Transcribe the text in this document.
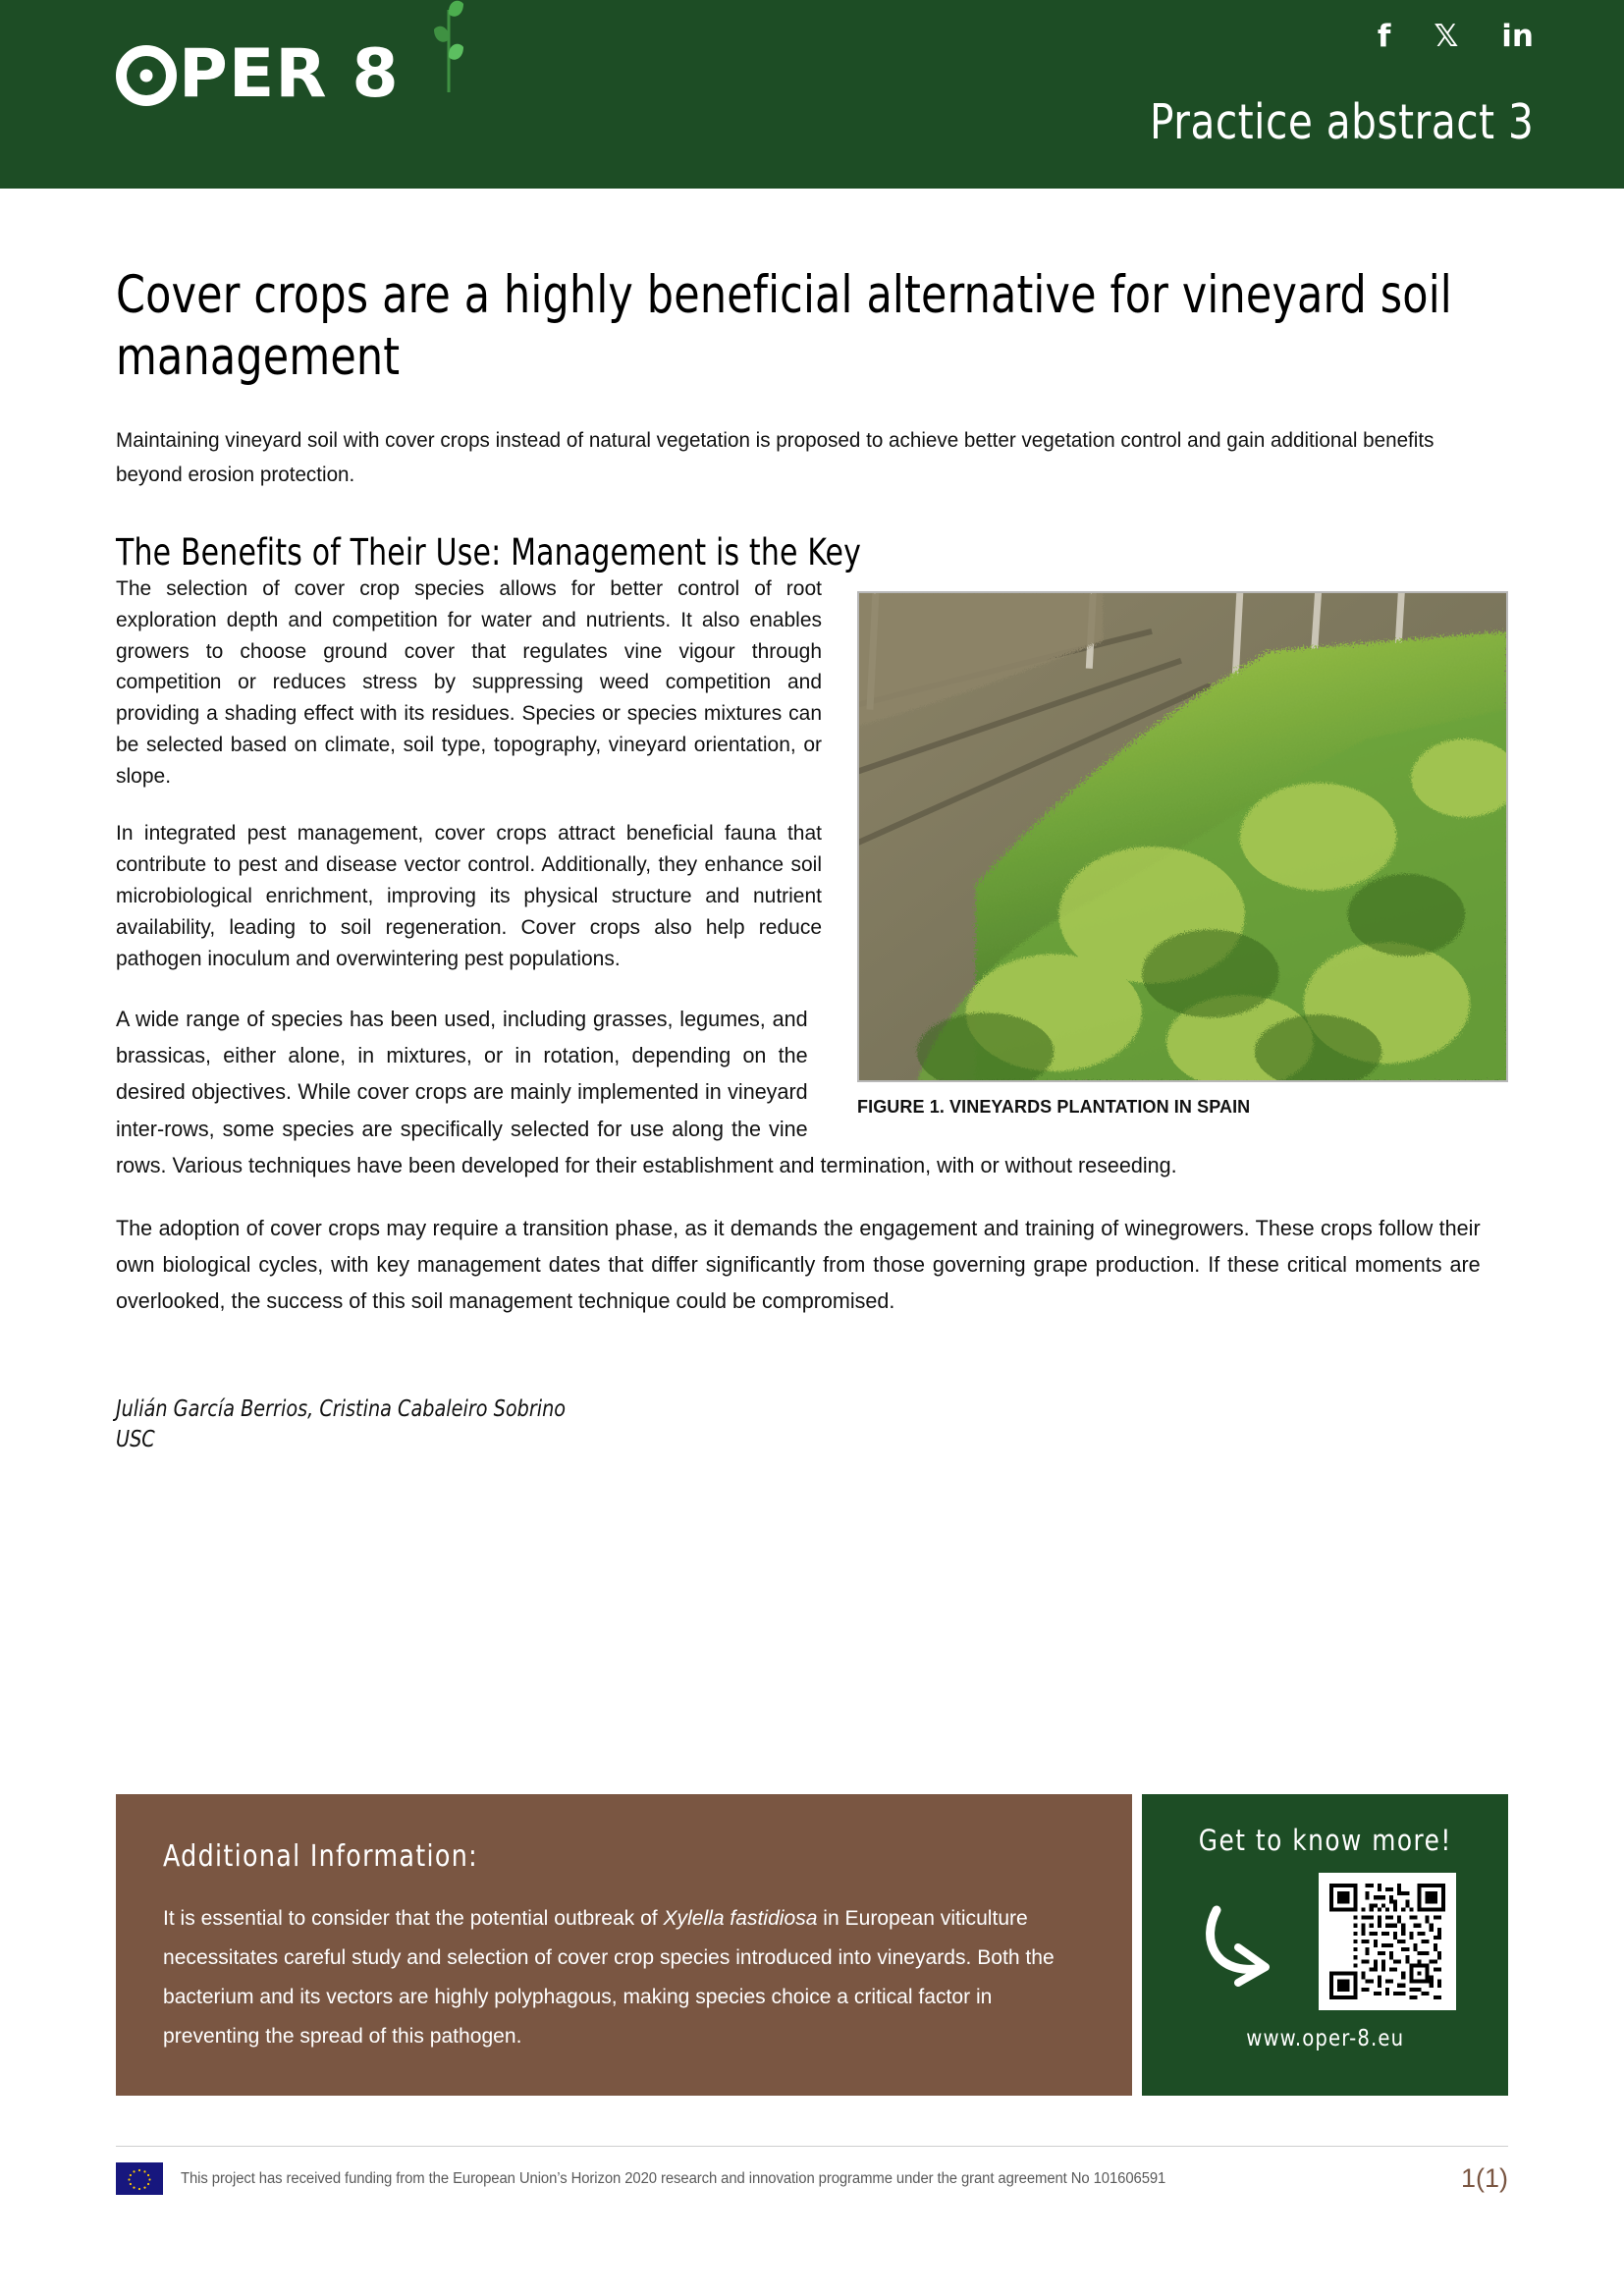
PER 8	f 𝕏 in
Practice abstract 3
Cover crops are a highly beneficial alternative for vineyard soil management

Maintaining vineyard soil with cover crops instead of natural vegetation is proposed to achieve better vegetation control and gain additional benefits beyond erosion protection.

The Benefits of Their Use: Management is the Key
FIGURE 1. VINEYARDS PLANTATION IN SPAIN

The selection of cover crop species allows for better control of root exploration depth and competition for water and nutrients. It also enables growers to choose ground cover that regulates vine vigour through competition or reduces stress by suppressing weed competition and providing a shading effect with its residues. Species or species mixtures can be selected based on climate, soil type, topography, vineyard orientation, or slope.

In integrated pest management, cover crops attract beneficial fauna that contribute to pest and disease vector control. Additionally, they enhance soil microbiological enrichment, improving its physical structure and nutrient availability, leading to soil regeneration. Cover crops also help reduce pathogen inoculum and overwintering pest populations.

A wide range of species has been used, including grasses, legumes, and brassicas, either alone, in mixtures, or in rotation, depending on the desired objectives. While cover crops are mainly implemented in vineyard inter-rows, some species are specifically selected for use along the vine rows. Various techniques have been developed for their establishment and termination, with or without reseeding.

The adoption of cover crops may require a transition phase, as it demands the engagement and training of winegrowers. These crops follow their own biological cycles, with key management dates that differ significantly from those governing grape production. If these critical moments are overlooked, the success of this soil management technique could be compromised.

Julián García Berrios, Cristina Cabaleiro Sobrino
USC
Additional Information:

It is essential to consider that the potential outbreak of Xylella fastidiosa in European viticulture necessitates careful study and selection of cover crop species introduced into vineyards. Both the bacterium and its vectors are highly polyphagous, making species choice a critical factor in preventing the spread of this pathogen.

Get to know more!
www.oper-8.eu
This project has received funding from the European Union’s Horizon 2020 research and innovation programme under the grant agreement No 101606591	1(1)
